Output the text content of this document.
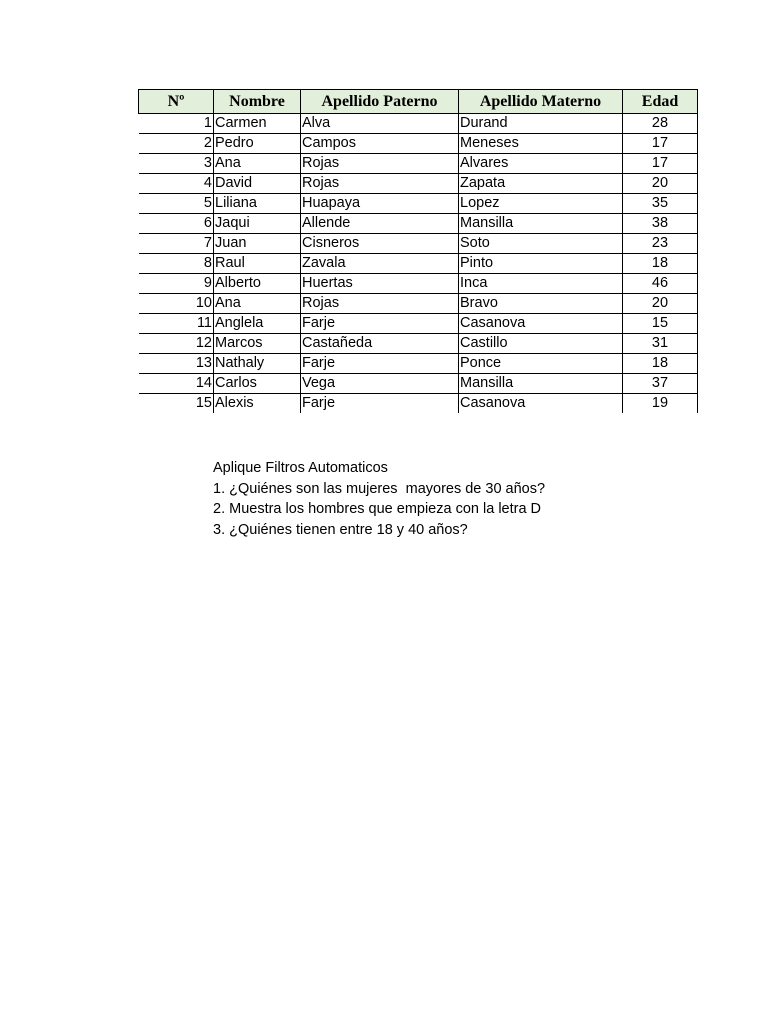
Nº	Nombre	Apellido Paterno	Apellido Materno	Edad
1	Carmen	Alva	Durand	28
2	Pedro	Campos	Meneses	17
3	Ana	Rojas	Alvares	17
4	David	Rojas	Zapata	20
5	Liliana	Huapaya	Lopez	35
6	Jaqui	Allende	Mansilla	38
7	Juan	Cisneros	Soto	23
8	Raul	Zavala	Pinto	18
9	Alberto	Huertas	Inca	46
10	Ana	Rojas	Bravo	20
11	Anglela	Farje	Casanova	15
12	Marcos	Castañeda	Castillo	31
13	Nathaly	Farje	Ponce	18
14	Carlos	Vega	Mansilla	37
15	Alexis	Farje	Casanova	19
Aplique Filtros Automaticos
1. ¿Quiénes son las mujeres  mayores de 30 años?
2. Muestra los hombres que empieza con la letra D
3. ¿Quiénes tienen entre 18 y 40 años?
